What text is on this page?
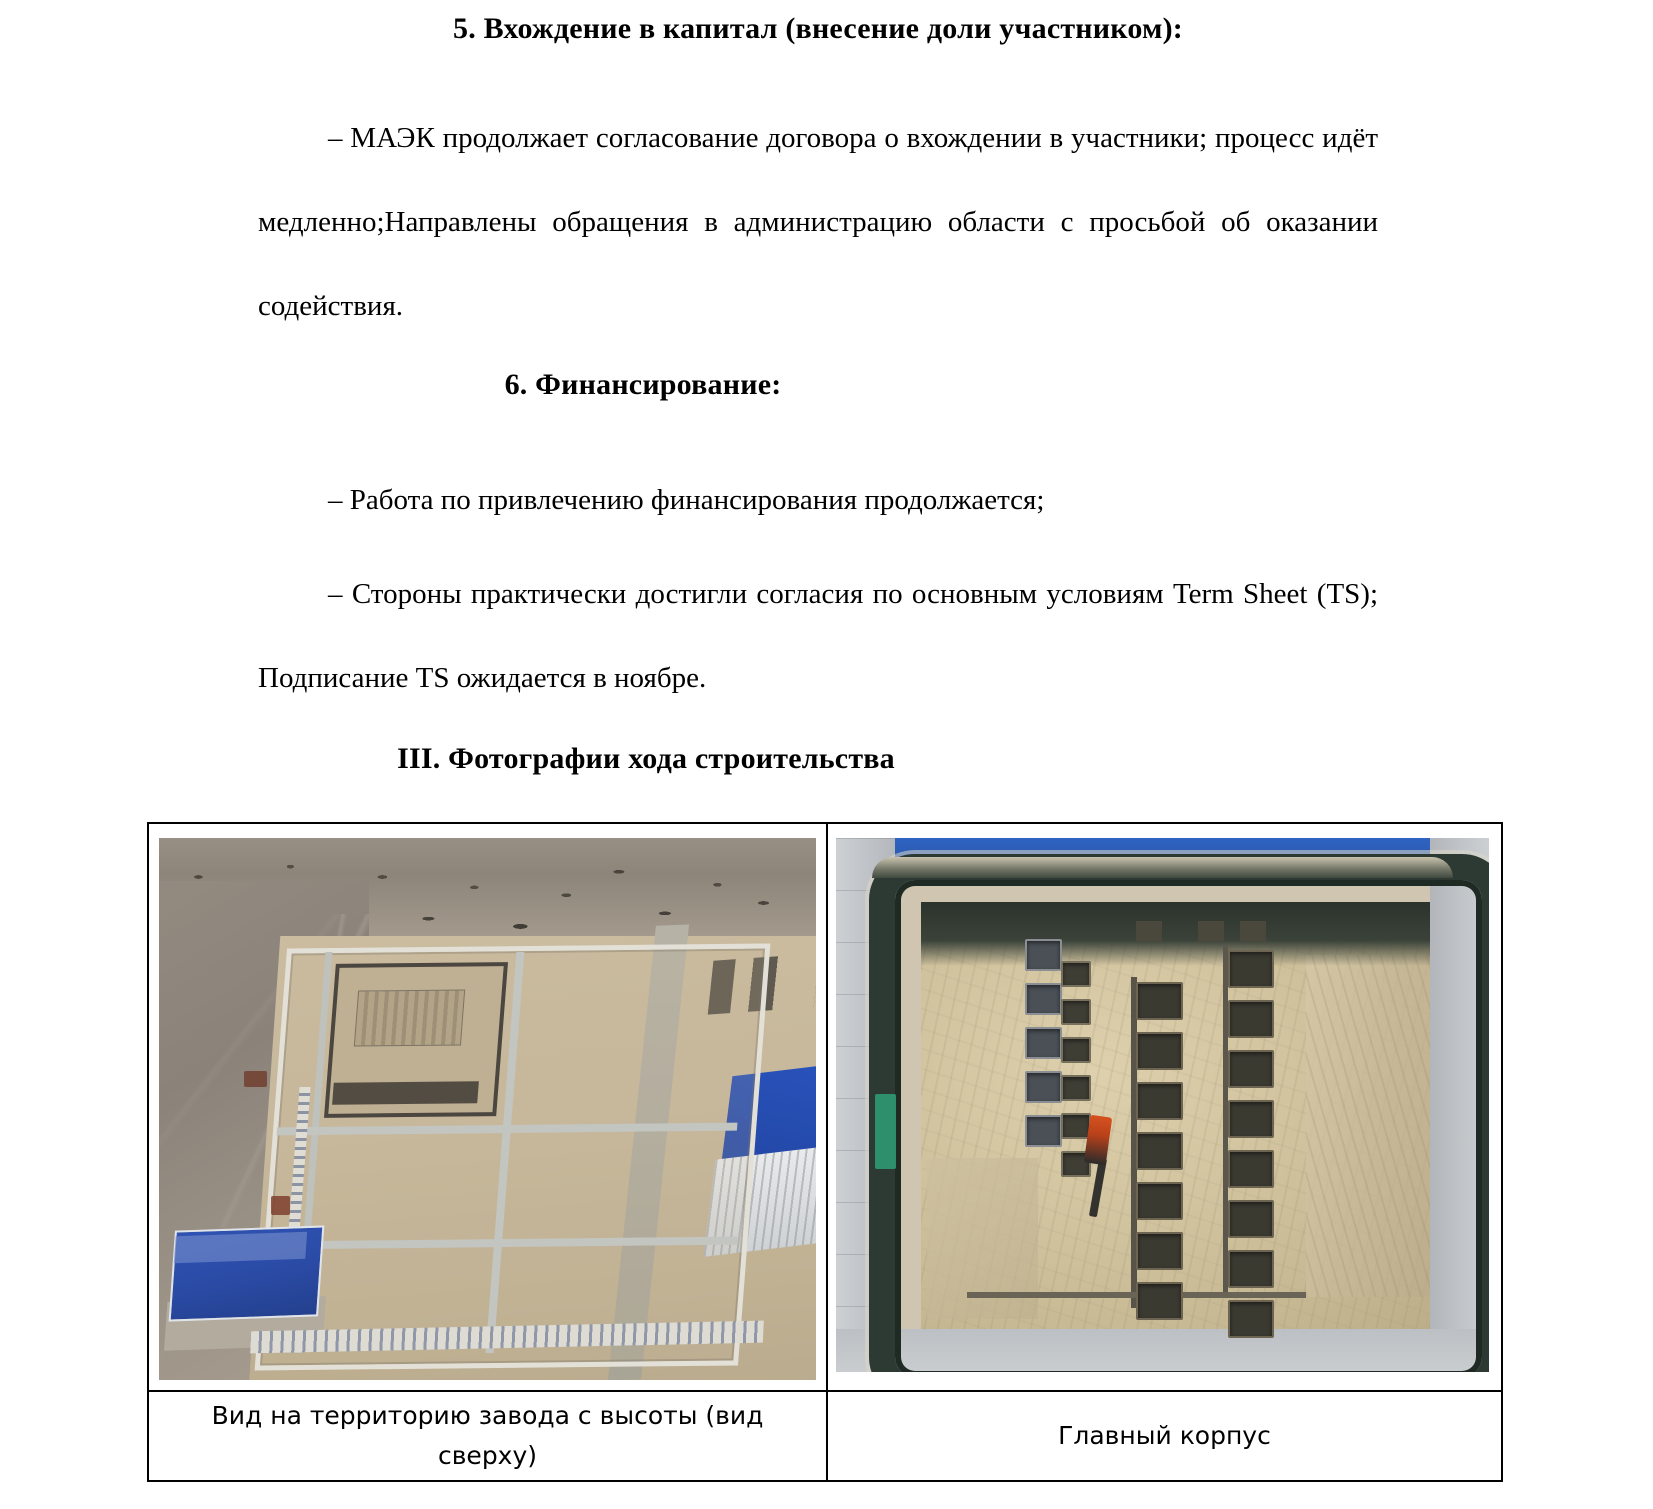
5. Вхождение в капитал (внесение доли участником):

– МАЭК продолжает согласование договора о вхождении в участники; процесс идёт медленно;Направлены обращения в администрацию области с просьбой об оказании содействия.

6. Финансирование:

– Работа по привлечению финансирования продолжается;

– Стороны практически достигли согласия по основным условиям Term Sheet (TS); Подписание TS ожидается в ноябре.

III. Фотографии хода строительства
Вид на территорию завода с высоты (вид сверху)
Главный корпус
